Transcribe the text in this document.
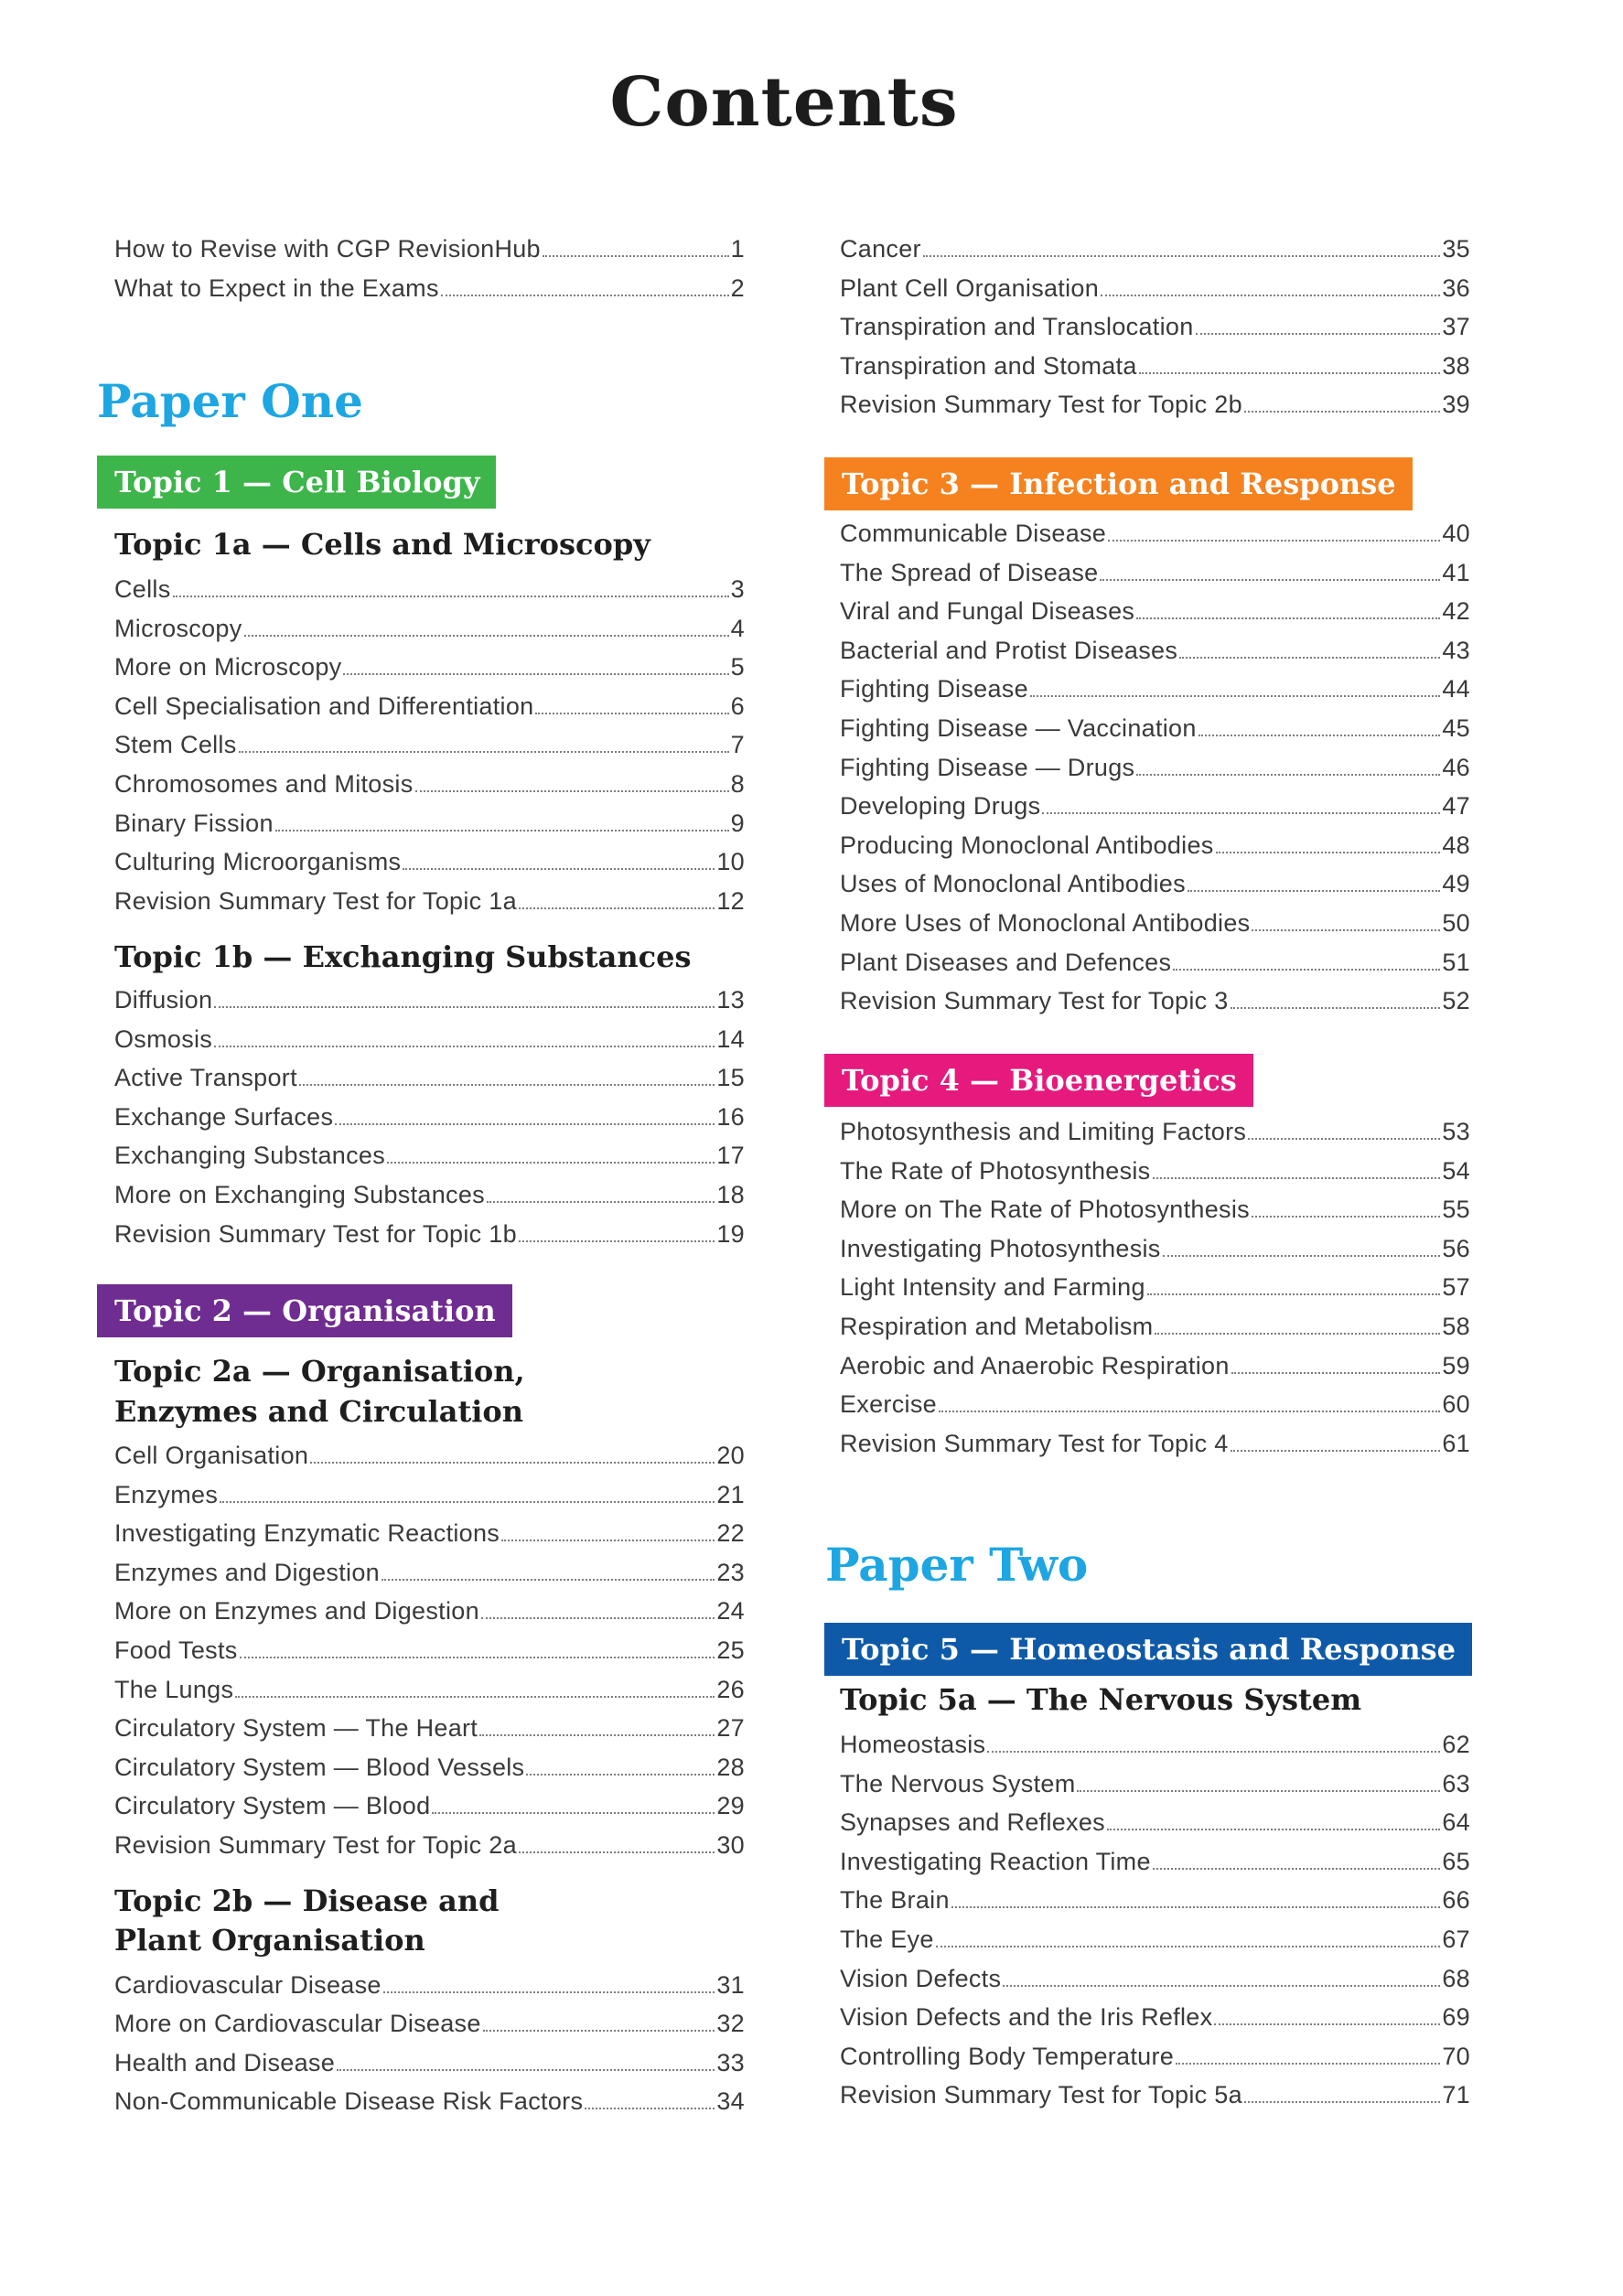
Contents
How to Revise with CGP RevisionHub	1
What to Expect in the Exams	2
Paper One
Topic 1 — Cell Biology
Topic 1a — Cells and Microscopy
Cells	3
Microscopy	4
More on Microscopy	5
Cell Specialisation and Differentiation	6
Stem Cells	7
Chromosomes and Mitosis	8
Binary Fission	9
Culturing Microorganisms	10
Revision Summary Test for Topic 1a	12
Topic 1b — Exchanging Substances
Diffusion	13
Osmosis	14
Active Transport	15
Exchange Surfaces	16
Exchanging Substances	17
More on Exchanging Substances	18
Revision Summary Test for Topic 1b	19
Topic 2 — Organisation
Topic 2a — Organisation,
Enzymes and Circulation
Cell Organisation	20
Enzymes	21
Investigating Enzymatic Reactions	22
Enzymes and Digestion	23
More on Enzymes and Digestion	24
Food Tests	25
The Lungs	26
Circulatory System — The Heart	27
Circulatory System — Blood Vessels	28
Circulatory System — Blood	29
Revision Summary Test for Topic 2a	30
Topic 2b — Disease and
Plant Organisation
Cardiovascular Disease	31
More on Cardiovascular Disease	32
Health and Disease	33
Non-Communicable Disease Risk Factors	34
Cancer	35
Plant Cell Organisation	36
Transpiration and Translocation	37
Transpiration and Stomata	38
Revision Summary Test for Topic 2b	39
Topic 3 — Infection and Response
Communicable Disease	40
The Spread of Disease	41
Viral and Fungal Diseases	42
Bacterial and Protist Diseases	43
Fighting Disease	44
Fighting Disease — Vaccination	45
Fighting Disease — Drugs	46
Developing Drugs	47
Producing Monoclonal Antibodies	48
Uses of Monoclonal Antibodies	49
More Uses of Monoclonal Antibodies	50
Plant Diseases and Defences	51
Revision Summary Test for Topic 3	52
Topic 4 — Bioenergetics
Photosynthesis and Limiting Factors	53
The Rate of Photosynthesis	54
More on The Rate of Photosynthesis	55
Investigating Photosynthesis	56
Light Intensity and Farming	57
Respiration and Metabolism	58
Aerobic and Anaerobic Respiration	59
Exercise	60
Revision Summary Test for Topic 4	61
Paper Two
Topic 5 — Homeostasis and Response
Topic 5a — The Nervous System
Homeostasis	62
The Nervous System	63
Synapses and Reflexes	64
Investigating Reaction Time	65
The Brain	66
The Eye	67
Vision Defects	68
Vision Defects and the Iris Reflex	69
Controlling Body Temperature	70
Revision Summary Test for Topic 5a	71
